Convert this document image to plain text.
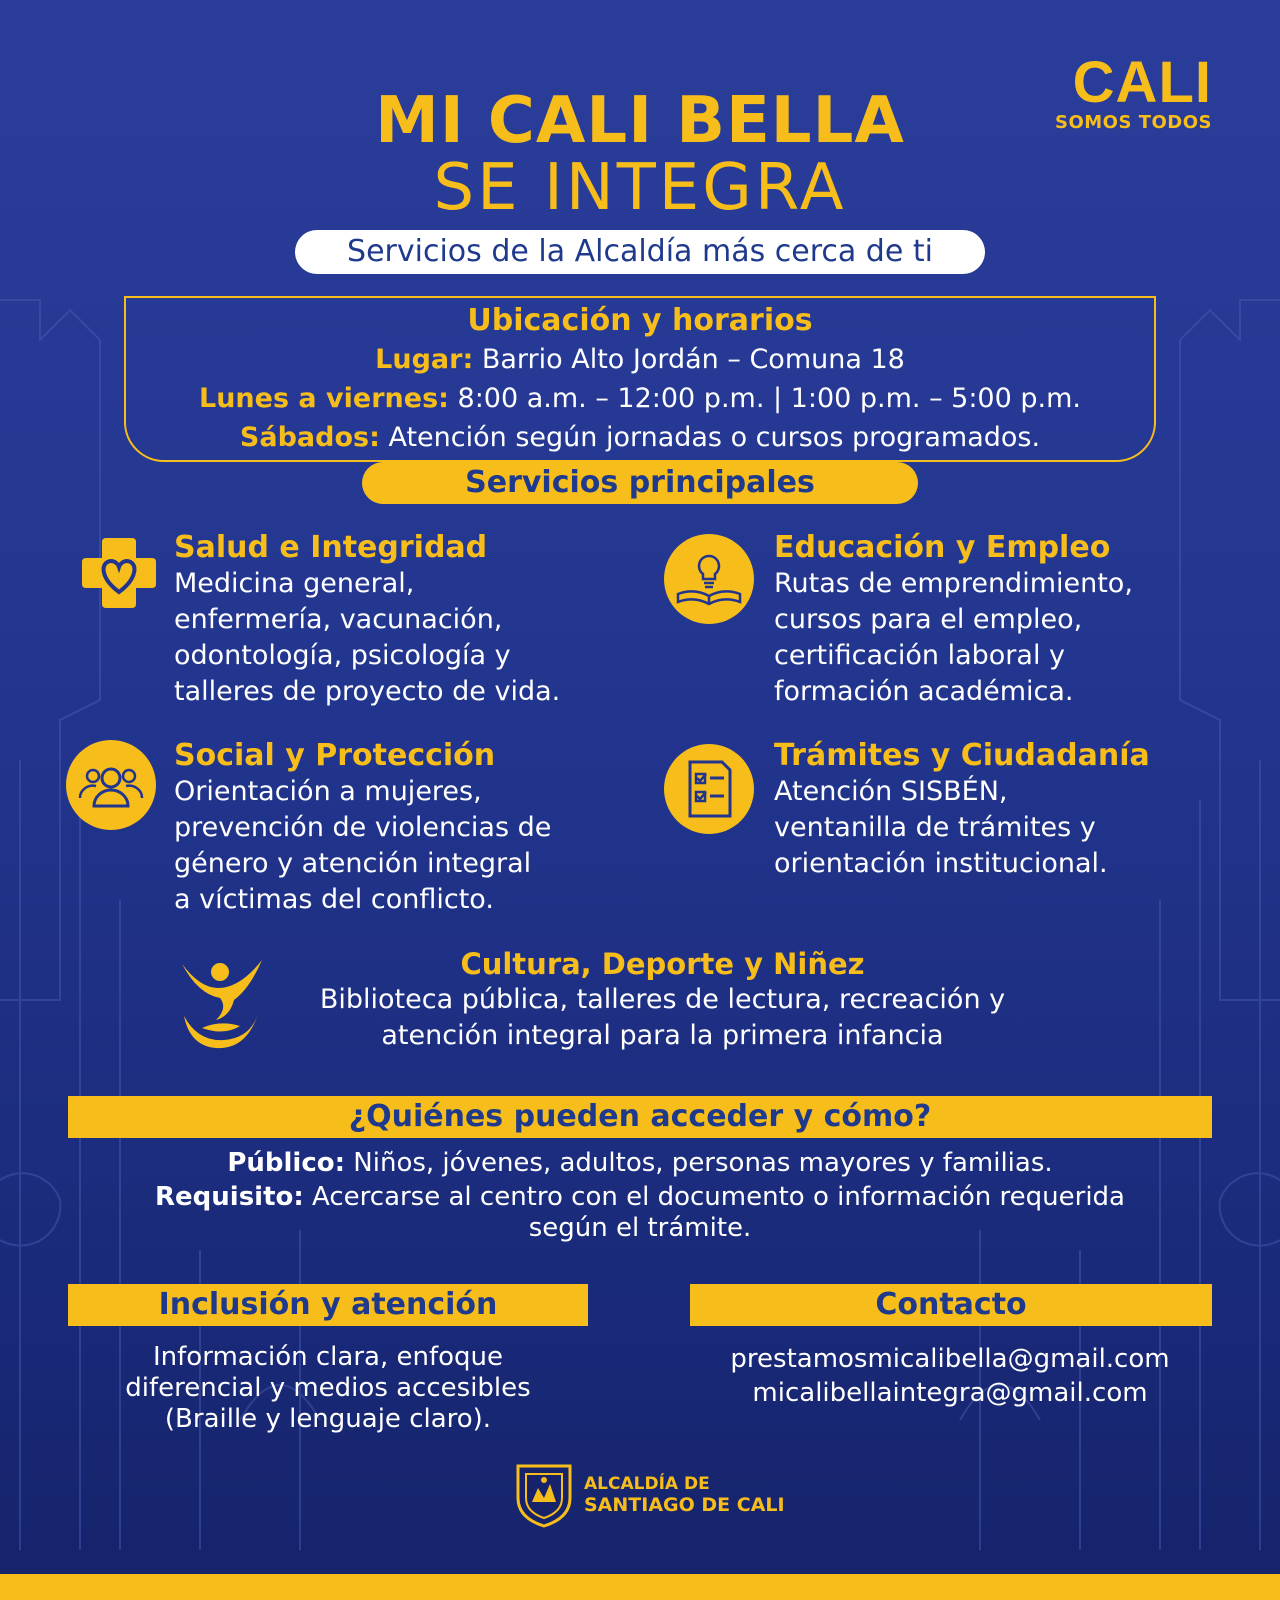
CALI
SOMOS TODOS
MI CALI BELLA
SE INTEGRA
Servicios de la Alcaldía más cerca de ti
Ubicación y horarios
Lugar: Barrio Alto Jordán – Comuna 18
Lunes a viernes: 8:00 a.m. – 12:00 p.m. | 1:00 p.m. – 5:00 p.m.
Sábados: Atención según jornadas o cursos programados.
Servicios principales
Salud e Integridad
Medicina general,
enfermería, vacunación,
odontología, psicología y
talleres de proyecto de vida.
Educación y Empleo
Rutas de emprendimiento,
cursos para el empleo,
certificación laboral y
formación académica.
Social y Protección
Orientación a mujeres,
prevención de violencias de
género y atención integral
a víctimas del conflicto.
Trámites y Ciudadanía
Atención SISBÉN,
ventanilla de trámites y
orientación institucional.
Cultura, Deporte y Niñez
Biblioteca pública, talleres de lectura, recreación y
atención integral para la primera infancia
¿Quiénes pueden acceder y cómo?
Público: Niños, jóvenes, adultos, personas mayores y familias.
Requisito: Acercarse al centro con el documento o información requerida
según el trámite.
Inclusión y atención
Información clara, enfoque
diferencial y medios accesibles
(Braille y lenguaje claro).
Contacto
prestamosmicalibella@gmail.com
micalibellaintegra@gmail.com
ALCALDÍA DE
SANTIAGO DE CALI
